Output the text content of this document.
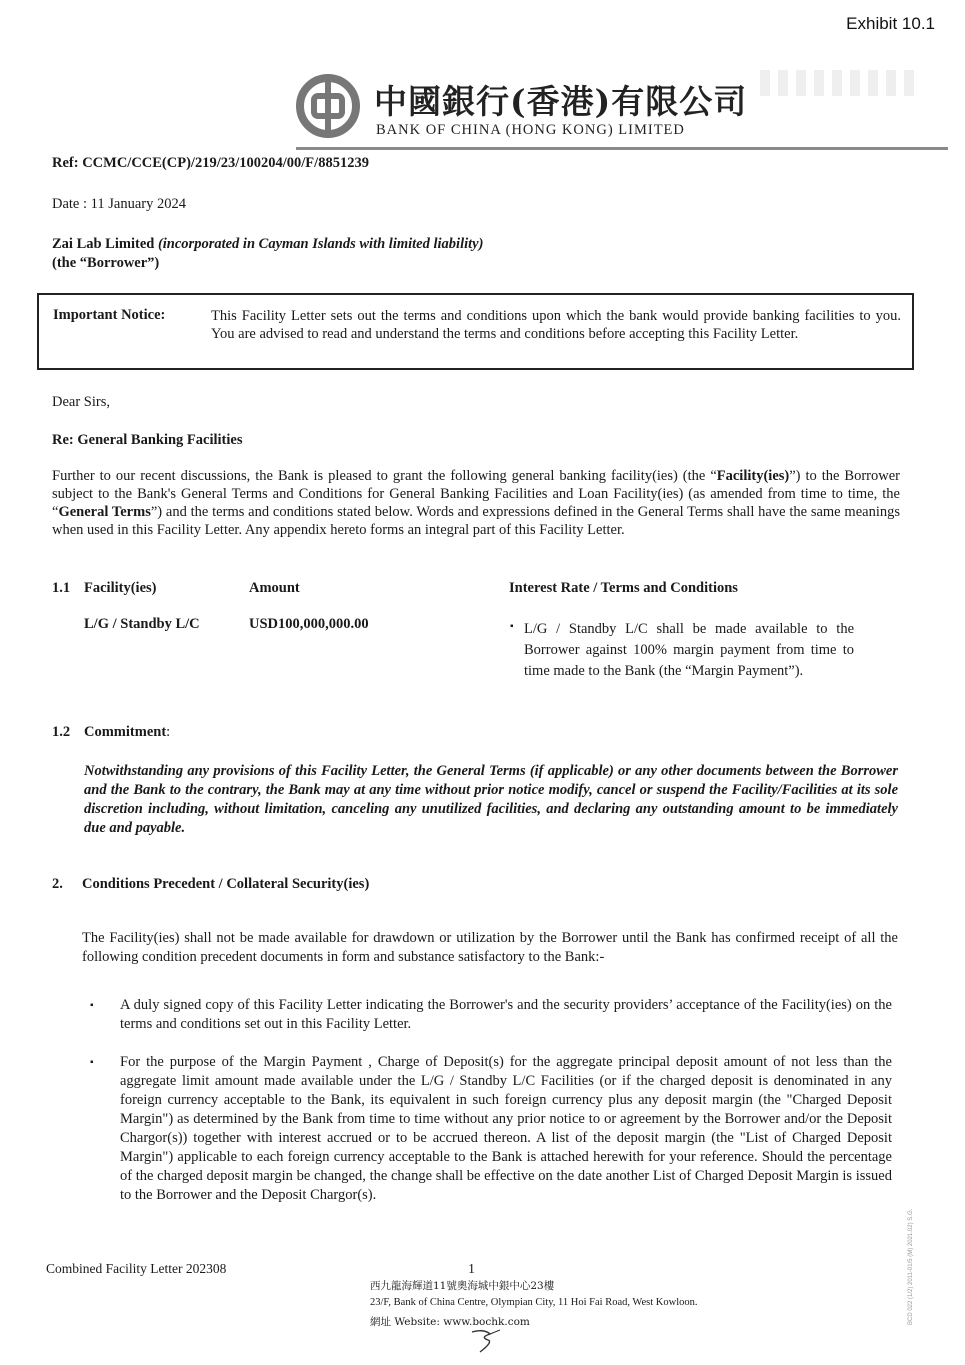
Exhibit 10.1
中國銀行(香港)有限公司
BANK OF CHINA (HONG KONG) LIMITED
Ref: CCMC/CCE(CP)/219/23/100204/00/F/8851239
Date : 11 January 2024
Zai Lab Limited (incorporated in Cayman Islands with limited liability)
(the “Borrower”)
Important Notice:	This Facility Letter sets out the terms and conditions upon which the bank would provide banking facilities to you. You are advised to read and understand the terms and conditions before accepting this Facility Letter.
Dear Sirs,
Re: General Banking Facilities
Further to our recent discussions, the Bank is pleased to grant the following general banking facility(ies) (the “Facility(ies)”) to the Borrower subject to the Bank's General Terms and Conditions for General Banking Facilities and Loan Facility(ies) (as amended from time to time, the “General Terms”) and the terms and conditions stated below. Words and expressions defined in the General Terms shall have the same meanings when used in this Facility Letter. Any appendix hereto forms an integral part of this Facility Letter.
1.1 Facility(ies)	Amount	Interest Rate / Terms and Conditions
L/G / Standby L/C	USD100,000,000.00	▪ L/G / Standby L/C shall be made available to the Borrower against 100% margin payment from time to time made to the Bank (the “Margin Payment”).
1.2 Commitment:
Notwithstanding any provisions of this Facility Letter, the General Terms (if applicable) or any other documents between the Borrower and the Bank to the contrary, the Bank may at any time without prior notice modify, cancel or suspend the Facility/Facilities at its sole discretion including, without limitation, canceling any unutilized facilities, and declaring any outstanding amount to be immediately due and payable.
2. Conditions Precedent / Collateral Security(ies)
The Facility(ies) shall not be made available for drawdown or utilization by the Borrower until the Bank has confirmed receipt of all the following condition precedent documents in form and substance satisfactory to the Bank:-
▪ A duly signed copy of this Facility Letter indicating the Borrower's and the security providers’ acceptance of the Facility(ies) on the terms and conditions set out in this Facility Letter.
▪ For the purpose of the Margin Payment , Charge of Deposit(s) for the aggregate principal deposit amount of not less than the aggregate limit amount made available under the L/G / Standby L/C Facilities (or if the charged deposit is denominated in any foreign currency acceptable to the Bank, its equivalent in such foreign currency plus any deposit margin (the "Charged Deposit Margin") as determined by the Bank from time to time without any prior notice to or agreement by the Borrower and/or the Deposit Chargor(s)) together with interest accrued or to be accrued thereon. A list of the deposit margin (the "List of Charged Deposit Margin") applicable to each foreign currency acceptable to the Bank is attached herewith for your reference. Should the percentage of the charged deposit margin be changed, the change shall be effective on the date another List of Charged Deposit Margin is issued to the Borrower and the Deposit Chargor(s).
Combined Facility Letter 202308	1
西九龍海輝道11號奧海城中銀中心23樓
23/F, Bank of China Centre, Olympian City, 11 Hoi Fai Road, West Kowloon.
網址 Website: www.bochk.com	BCD 022 (1/2) 2011-01/5 (M) 2021.02) S.G.
